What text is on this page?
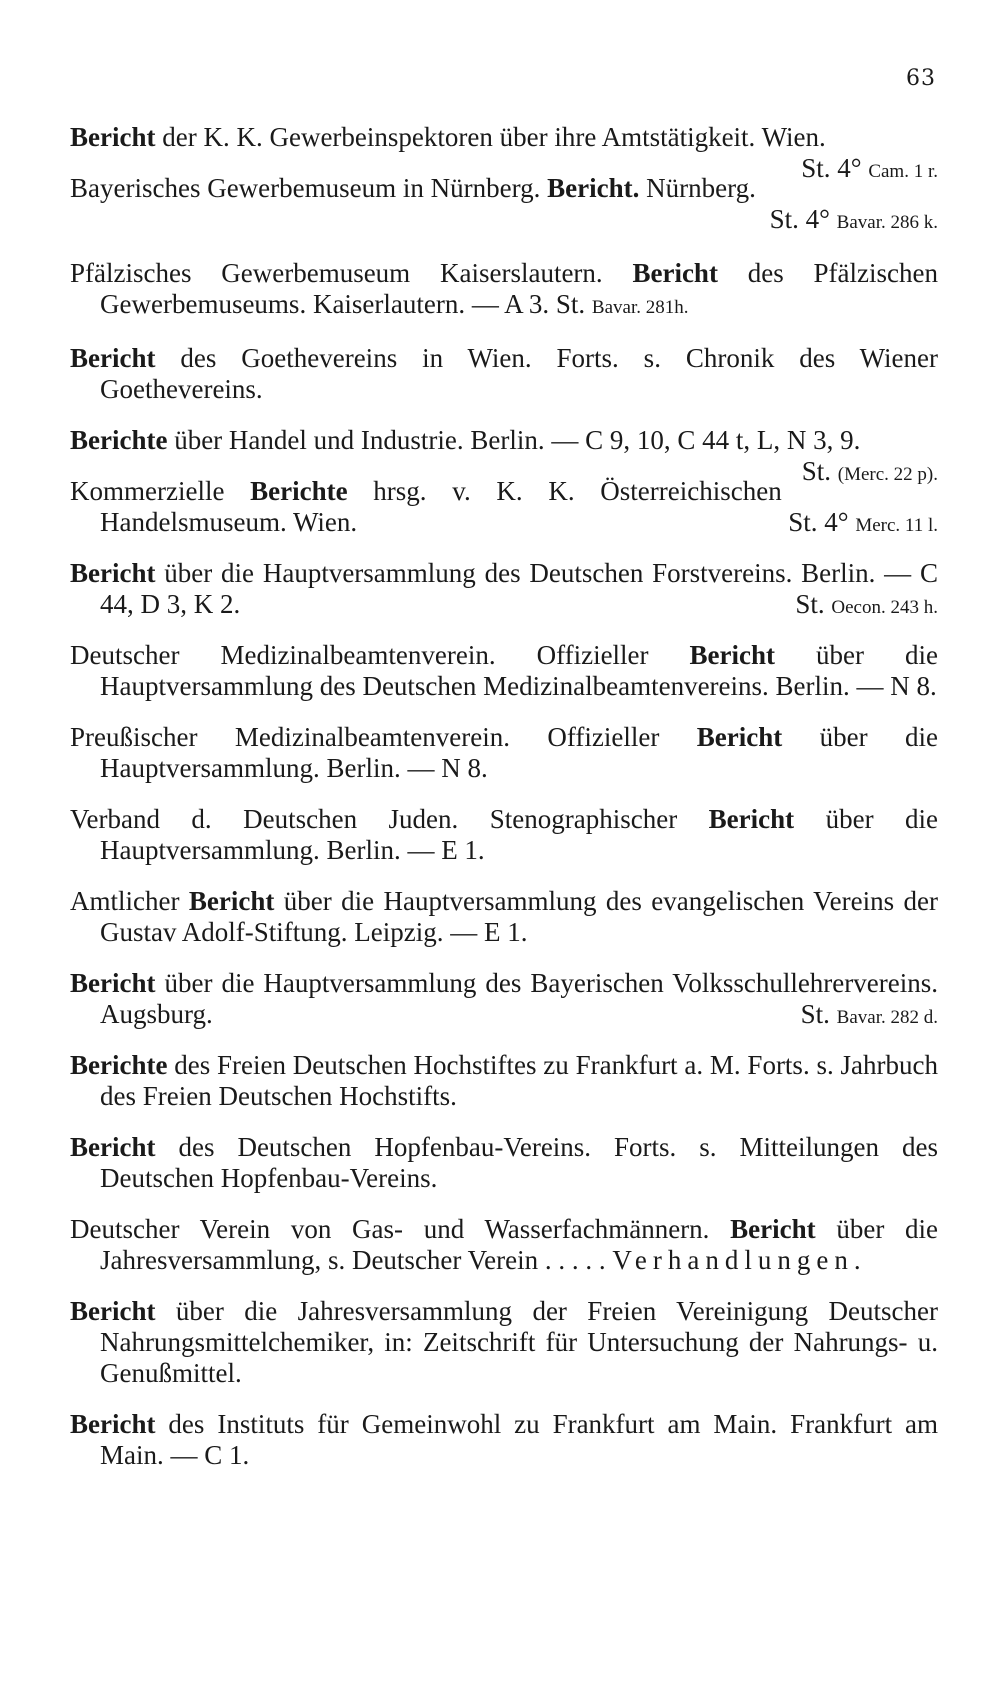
63
Bericht der K. K. Gewerbeinspektoren über ihre Amtstätigkeit. Wien.
St. 4° Cam. 1 r.
Bayerisches Gewerbemuseum in Nürnberg. Bericht. Nürnberg.

St. 4° Bavar. 286 k.
Pfälzisches Gewerbemuseum Kaiserslautern. Bericht des Pfälzischen Gewerbemuseums. Kaiserlautern. — A 3. St. Bavar. 281h.
Bericht des Goethevereins in Wien. Forts. s. Chronik des Wiener Goethevereins.
Berichte über Handel und Industrie. Berlin. — C 9, 10, C 44 t, L, N 3, 9.
St. (Merc. 22 p).
Kommerzielle Berichte hrsg. v. K. K. Österreichischen Handelsmuseum. Wien.	St. 4° Merc. 11 l.
Bericht über die Hauptversammlung des Deutschen Forstvereins. Berlin. — C 44, D 3, K 2.	St. Oecon. 243 h.
Deutscher Medizinalbeamtenverein. Offizieller Bericht über die Hauptversammlung des Deutschen Medizinalbeamtenvereins. Berlin. — N 8.
Preußischer Medizinalbeamtenverein. Offizieller Bericht über die Hauptversammlung. Berlin. — N 8.
Verband d. Deutschen Juden. Stenographischer Bericht über die Hauptversammlung. Berlin. — E 1.
Amtlicher Bericht über die Hauptversammlung des evangelischen Vereins der Gustav Adolf-Stiftung. Leipzig. — E 1.
Bericht über die Hauptversammlung des Bayerischen Volksschullehrervereins. Augsburg.	St. Bavar. 282 d.
Berichte des Freien Deutschen Hochstiftes zu Frankfurt a. M. Forts. s. Jahrbuch des Freien Deutschen Hochstifts.
Bericht des Deutschen Hopfenbau-Vereins. Forts. s. Mitteilungen des Deutschen Hopfenbau-Vereins.
Deutscher Verein von Gas- und Wasserfachmännern. Bericht über die Jahresversammlung, s. Deutscher Verein . . . . . Verhandlungen.
Bericht über die Jahresversammlung der Freien Vereinigung Deutscher Nahrungsmittelchemiker, in: Zeitschrift für Untersuchung der Nahrungs- u. Genußmittel.
Bericht des Instituts für Gemeinwohl zu Frankfurt am Main. Frankfurt am Main. — C 1.
